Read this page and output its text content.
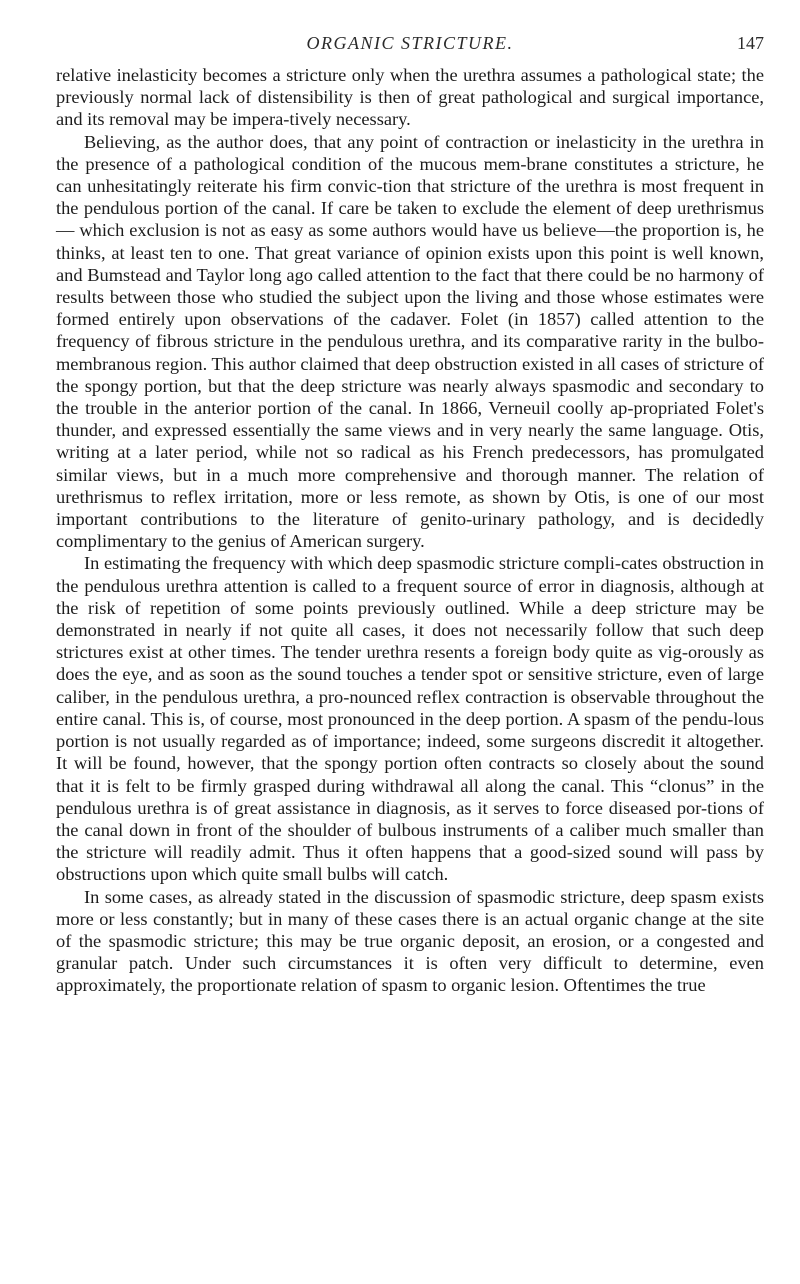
ORGANIC STRICTURE.	147

relative inelasticity becomes a stricture only when the urethra assumes a pathological state; the previously normal lack of distensibility is then of great pathological and surgical importance, and its removal may be impera-tively necessary.

Believing, as the author does, that any point of contraction or inelasticity in the urethra in the presence of a pathological condition of the mucous mem-brane constitutes a stricture, he can unhesitatingly reiterate his firm convic-tion that stricture of the urethra is most frequent in the pendulous portion of the canal. If care be taken to exclude the element of deep urethrismus— which exclusion is not as easy as some authors would have us believe—the proportion is, he thinks, at least ten to one. That great variance of opinion exists upon this point is well known, and Bumstead and Taylor long ago called attention to the fact that there could be no harmony of results between those who studied the subject upon the living and those whose estimates were formed entirely upon observations of the cadaver. Folet (in 1857) called attention to the frequency of fibrous stricture in the pendulous urethra, and its comparative rarity in the bulbo-membranous region. This author claimed that deep obstruction existed in all cases of stricture of the spongy portion, but that the deep stricture was nearly always spasmodic and secondary to the trouble in the anterior portion of the canal. In 1866, Verneuil coolly ap-propriated Folet's thunder, and expressed essentially the same views and in very nearly the same language. Otis, writing at a later period, while not so radical as his French predecessors, has promulgated similar views, but in a much more comprehensive and thorough manner. The relation of urethrismus to reflex irritation, more or less remote, as shown by Otis, is one of our most important contributions to the literature of genito-urinary pathology, and is decidedly complimentary to the genius of American surgery.

In estimating the frequency with which deep spasmodic stricture compli-cates obstruction in the pendulous urethra attention is called to a frequent source of error in diagnosis, although at the risk of repetition of some points previously outlined. While a deep stricture may be demonstrated in nearly if not quite all cases, it does not necessarily follow that such deep strictures exist at other times. The tender urethra resents a foreign body quite as vig-orously as does the eye, and as soon as the sound touches a tender spot or sensitive stricture, even of large caliber, in the pendulous urethra, a pro-nounced reflex contraction is observable throughout the entire canal. This is, of course, most pronounced in the deep portion. A spasm of the pendu-lous portion is not usually regarded as of importance; indeed, some surgeons discredit it altogether. It will be found, however, that the spongy portion often contracts so closely about the sound that it is felt to be firmly grasped during withdrawal all along the canal. This “clonus” in the pendulous urethra is of great assistance in diagnosis, as it serves to force diseased por-tions of the canal down in front of the shoulder of bulbous instruments of a caliber much smaller than the stricture will readily admit. Thus it often happens that a good-sized sound will pass by obstructions upon which quite small bulbs will catch.

In some cases, as already stated in the discussion of spasmodic stricture, deep spasm exists more or less constantly; but in many of these cases there is an actual organic change at the site of the spasmodic stricture; this may be true organic deposit, an erosion, or a congested and granular patch. Under such circumstances it is often very difficult to determine, even approximately, the proportionate relation of spasm to organic lesion. Oftentimes the true
